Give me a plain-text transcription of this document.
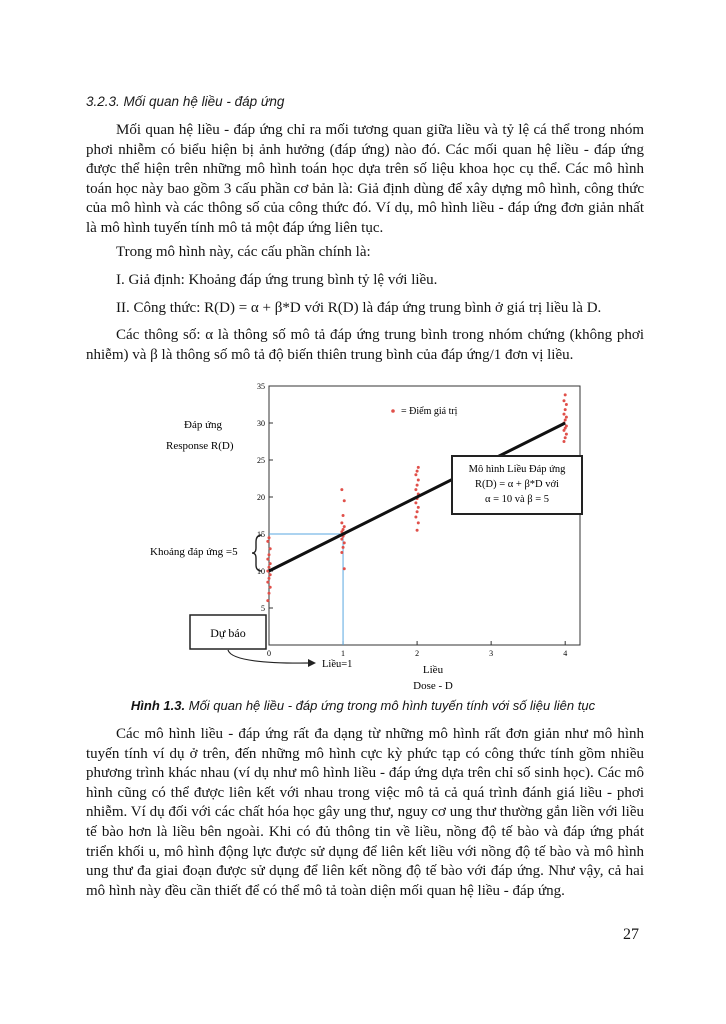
3.2.3. Mối quan hệ liều - đáp ứng
Mối quan hệ liều - đáp ứng chỉ ra mối tương quan giữa liều và tỷ lệ cá thể trong nhóm phơi nhiễm có biểu hiện bị ảnh hưởng (đáp ứng) nào đó. Các mối quan hệ liều - đáp ứng được thể hiện trên những mô hình toán học dựa trên số liệu khoa học cụ thể. Các mô hình toán học này bao gồm 3 cấu phần cơ bản là: Giả định dùng để xây dựng mô hình, công thức của mô hình và các thông số của công thức đó. Ví dụ, mô hình liều - đáp ứng đơn giản nhất là mô hình tuyến tính mô tả một đáp ứng liên tục.
Trong mô hình này, các cấu phần chính là:
I. Giả định: Khoảng đáp ứng trung bình tỷ lệ với liều.
II. Công thức: R(D) = α + β*D với R(D) là đáp ứng trung bình ở giá trị liều là D.
Các thông số: α là thông số mô tả đáp ứng trung bình trong nhóm chứng (không phơi nhiễm) và β là thông số mô tả độ biến thiên trung bình của đáp ứng/1 đơn vị liều.
0	1	2	3	4
5
10
15
20
25
30
35
= Điểm giá trị
Đáp ứng
Response R(D)
Mô hình Liều Đáp ứng
R(D) = α + β*D với
α = 10 và β = 5
Khoảng đáp ứng =5
Dự báo
Liều=1	Liều
Dose - D
Hình 1.3. Mối quan hệ liều - đáp ứng trong mô hình tuyến tính với số liệu liên tục
Các mô hình liều - đáp ứng rất đa dạng từ những mô hình rất đơn giản như mô hình tuyến tính ví dụ ở trên, đến những mô hình cực kỳ phức tạp có công thức tính gồm nhiều phương trình khác nhau (ví dụ như mô hình liều - đáp ứng dựa trên chỉ số sinh học). Các mô hình cũng có thể được liên kết với nhau trong việc mô tả cả quá trình đánh giá liều - phơi nhiễm. Ví dụ đối với các chất hóa học gây ung thư, nguy cơ ung thư thường gắn liền với liều tế bào hơn là liều bên ngoài. Khi có đủ thông tin về liều, nồng độ tế bào và đáp ứng phát triển khối u, mô hình động lực được sử dụng để liên kết liều với nồng độ tế bào và mô hình ung thư đa giai đoạn được sử dụng để liên kết nồng độ tế bào với đáp ứng. Như vậy, cả hai mô hình này đều cần thiết để có thể mô tả toàn diện mối quan hệ liều - đáp ứng.
27
